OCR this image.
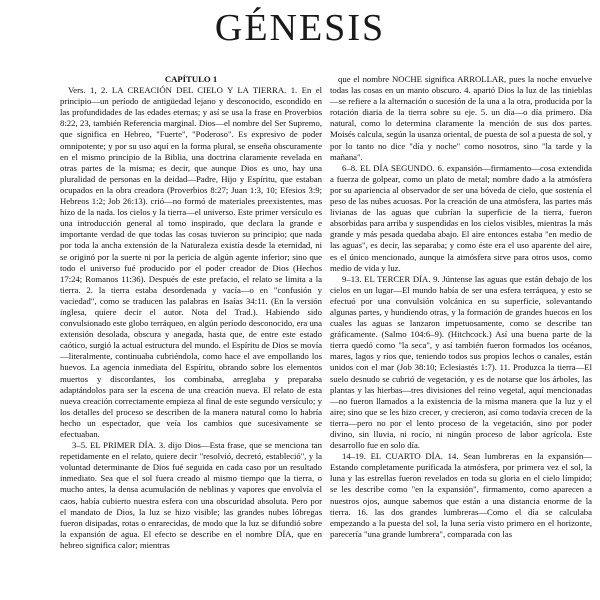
GÉNESIS

CAPÍTULO 1

Vers. 1, 2. LA CREACIÓN DEL CIELO Y LA TIERRA. 1. En el principio—un período de antigüedad lejano y desconocido, escondido en las profundidades de las edades eternas; y así se usa la frase en Proverbios 8:22, 23, también Referencia marginal. Dios—el nombre del Ser Supremo, que significa en Hebreo, "Fuerte", "Poderoso". Es expresivo de poder omnipotente; y por su uso aquí en la forma plural, se enseña obscuramente en el mismo principio de la Biblia, una doctrina claramente revelada en otras partes de la misma; es decir, que aunque Dios es uno, hay una pluralidad de personas en la deidad—Padre, Hijo y Espíritu, que estaban ocupados en la obra creadora (Proverbios 8:27; Juan 1:3, 10; Efesios 3:9; Hebreos 1:2; Job 26:13). crió—no formó de materiales preexistentes, mas hizo de la nada. los cielos y la tierra—el universo. Este primer versículo es una introducción general al tomo inspirado, que declara la grande e importante verdad de que todas las cosas tuvieron su principio; que nada por toda la ancha extensión de la Naturaleza existía desde la eternidad, ni se originó por la suerte ni por la pericia de algún agente inferior; sino que todo el universo fué producido por el poder creador de Dios (Hechos 17:24; Romanos 11:36). Después de este prefacio, el relato se limita a la tierra. 2. la tierra estaba desordenada y vacía—o en "confusión y vaciedad", como se traducen las palabras en Isaías 34:11. (En la versión inglesa, quiere decir el autor. Nota del Trad.). Habiendo sido convulsionado este globo terráqueo, en algún período desconocido, era una extensión desolada, obscura y anegada, hasta que, de entre este estado caótico, surgió la actual estructura del mundo. el Espíritu de Dios se movía—literalmente, continuaba cubriéndola, como hace el ave empollando los huevos. La agencia inmediata del Espíritu, obrando sobre los elementos muertos y discordantes, los combinaba, arreglaba y preparaba adaptándolos para ser la escena de una creación nueva. El relato de esta nueva creación correctamente empieza al final de este segundo versículo; y los detalles del proceso se describen de la manera natural como lo habría hecho un espectador, que veía los cambios que sucesivamente se efectuaban.

3–5. EL PRIMER DÍA. 3. dijo Dios—Esta frase, que se menciona tan repetidamente en el relato, quiere decir "resolvió, decretó, estableció", y la voluntad determinante de Dios fué seguida en cada caso por un resultado inmediato. Sea que el sol fuera creado al mismo tiempo que la tierra, o mucho antes, la densa acumulación de neblinas y vapores que envolvía el caos, había cubierto nuestra esfera con una obscuridad absoluta. Pero por el mandato de Dios, la luz se hizo visible; las grandes nubes lóbregas fueron disipadas, rotas o enrarecidas, de modo que la luz se difundió sobre la expansión de agua. El efecto se describe en el nombre DÍA, que en hebreo significa calor; mientras

que el nombre NOCHE significa ARROLLAR, pues la noche envuelve todas las cosas en un manto obscuro. 4. apartó Dios la luz de las tinieblas—se refiere a la alternación o sucesión de la una a la otra, producida por la rotación diaria de la tierra sobre su eje. 5. un día—o día primero. Día natural, como lo determina claramente la mención de sus dos partes. Moisés calcula, según la usanza oriental, de puesta de sol a puesta de sol, y por lo tanto no dice "día y noche" como nosotros, sino "la tarde y la mañana".

6–8. EL DÍA SEGUNDO. 6. expansión—firmamento—cosa extendida a fuerza de golpear, como un plato de metal; nombre dado a la atmósfera por su apariencia al observador de ser una bóveda de cielo, que sostenía el peso de las nubes acuosas. Por la creación de una atmósfera, las partes más livianas de las aguas que cubrían la superficie de la tierra, fueron absorbidas para arriba y suspendidas en los cielos visibles, mientras la más grande y más pesada quedaba abajo. El aire entonces estaba "en medio de las aguas", es decir, las separaba; y como éste era el uso aparente del aire, es el único mencionado, aunque la atmósfera sirve para otros usos, como medio de vida y luz.

9–13. EL TERCER DÍA. 9. Júntense las aguas que están debajo de los cielos en un lugar—El mundo había de ser una esfera terráquea, y esto se efectuó por una convulsión volcánica en su superficie, solevantando algunas partes, y hundiendo otras, y la formación de grandes huecos en los cuales las aguas se lanzaron impetuosamente, como se describe tan gráficamente. (Salmo 104:6–9). (Hitchcock.) Así una buena parte de la tierra quedó como "la seca", y así también fueron formados los océanos, mares, lagos y ríos que, teniendo todos sus propios lechos o canales, están unidos con el mar (Job 38:10; Eclesiastés 1:7). 11. Produzca la tierra—El suelo desnudo se cubrió de vegetación, y es de notarse que los árboles, las plantas y las hierbas—tres divisiones del reino vegetal, aquí mencionadas—no fueron llamados a la existencia de la misma manera que la luz y el aire; sino que se les hizo crecer, y crecieron, así como todavía crecen de la tierra—pero no por el lento proceso de la vegetación, sino por poder divino, sin lluvia, ni rocío, ni ningún proceso de labor agrícola. Este desarrollo fue en solo día.

14–19. EL CUARTO DÍA. 14. Sean lumbreras en la expansión—Estando completamente purificada la atmósfera, por primera vez el sol, la luna y las estrellas fueron revelados en toda su gloria en el cielo límpido; se les describe como "en la expansión", firmamento, como aparecen a nuestros ojos, aunque sabemos que están a una distancia enorme de la tierra. 16. las dos grandes lumbreras—Como el día se calculaba empezando a la puesta del sol, la luna sería visto primero en el horizonte, parecería "una grande lumbrera", comparada con las
